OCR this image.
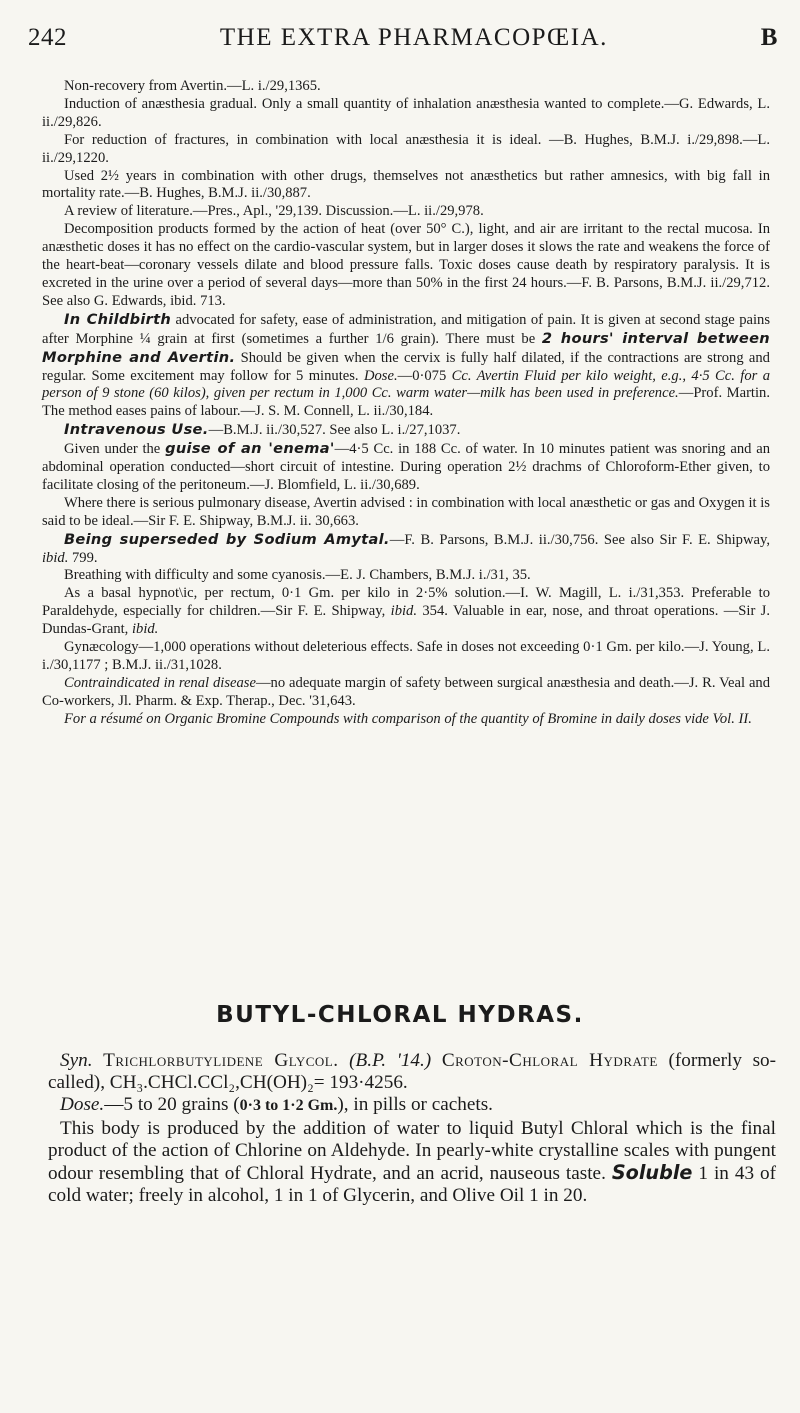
242	THE EXTRA PHARMACOPŒIA.	B

Non-recovery from Avertin.—L. i./29,1365.

Induction of anæsthesia gradual. Only a small quantity of inhalation anæsthesia wanted to complete.—G. Edwards, L. ii./29,826.

For reduction of fractures, in combination with local anæsthesia it is ideal. —B. Hughes, B.M.J. i./29,898.—L. ii./29,1220.

Used 2½ years in combination with other drugs, themselves not anæsthetics but rather amnesics, with big fall in mortality rate.—B. Hughes, B.M.J. ii./30,887.

A review of literature.—Pres., Apl., '29,139. Discussion.—L. ii./29,978.

Decomposition products formed by the action of heat (over 50° C.), light, and air are irritant to the rectal mucosa. In anæsthetic doses it has no effect on the cardio-vascular system, but in larger doses it slows the rate and weakens the force of the heart-beat—coronary vessels dilate and blood pressure falls. Toxic doses cause death by respiratory paralysis. It is excreted in the urine over a period of several days—more than 50% in the first 24 hours.—F. B. Parsons, B.M.J. ii./29,712. See also G. Edwards, ibid. 713.

In Childbirth advocated for safety, ease of administration, and mitigation of pain. It is given at second stage pains after Morphine ¼ grain at first (sometimes a further 1/6 grain). There must be 2 hours' interval between Morphine and Avertin. Should be given when the cervix is fully half dilated, if the contractions are strong and regular. Some excitement may follow for 5 minutes. Dose.—0·075 Cc. Avertin Fluid per kilo weight, e.g., 4·5 Cc. for a person of 9 stone (60 kilos), given per rectum in 1,000 Cc. warm water—milk has been used in preference.—Prof. Martin. The method eases pains of labour.—J. S. M. Connell, L. ii./30,184.

Intravenous Use.—B.M.J. ii./30,527. See also L. i./27,1037.

Given under the guise of an 'enema'—4·5 Cc. in 188 Cc. of water. In 10 minutes patient was snoring and an abdominal operation conducted—short circuit of intestine. During operation 2½ drachms of Chloroform-Ether given, to facilitate closing of the peritoneum.—J. Blomfield, L. ii./30,689.

Where there is serious pulmonary disease, Avertin advised : in combination with local anæsthetic or gas and Oxygen it is said to be ideal.—Sir F. E. Shipway, B.M.J. ii. 30,663.

Being superseded by Sodium Amytal.—F. B. Parsons, B.M.J. ii./30,756. See also Sir F. E. Shipway, ibid. 799.

Breathing with difficulty and some cyanosis.—E. J. Chambers, B.M.J. i./31, 35.

As a basal hypnot\ic, per rectum, 0·1 Gm. per kilo in 2·5% solution.—I. W. Magill, L. i./31,353. Preferable to Paraldehyde, especially for children.—Sir F. E. Shipway, ibid. 354. Valuable in ear, nose, and throat operations. —Sir J. Dundas-Grant, ibid.

Gynæcology—1,000 operations without deleterious effects. Safe in doses not exceeding 0·1 Gm. per kilo.—J. Young, L. i./30,1177 ; B.M.J. ii./31,1028.

Contraindicated in renal disease—no adequate margin of safety between surgical anæsthesia and death.—J. R. Veal and Co-workers, Jl. Pharm. & Exp. Therap., Dec. '31,643.

For a résumé on Organic Bromine Compounds with comparison of the quantity of Bromine in daily doses vide Vol. II.

BUTYL-CHLORAL HYDRAS.

Syn. Trichlorbutylidene Glycol. (B.P. '14.) Croton-Chloral Hydrate (formerly so-called), CH₃.CHCl.CCl₂,CH(OH)₂= 193·4256.

Dose.—5 to 20 grains (0·3 to 1·2 Gm.), in pills or cachets.

This body is produced by the addition of water to liquid Butyl Chloral which is the final product of the action of Chlorine on Aldehyde. In pearly-white crystalline scales with pungent odour resembling that of Chloral Hydrate, and an acrid, nauseous taste. Soluble 1 in 43 of cold water; freely in alcohol, 1 in 1 of Glycerin, and Olive Oil 1 in 20.
